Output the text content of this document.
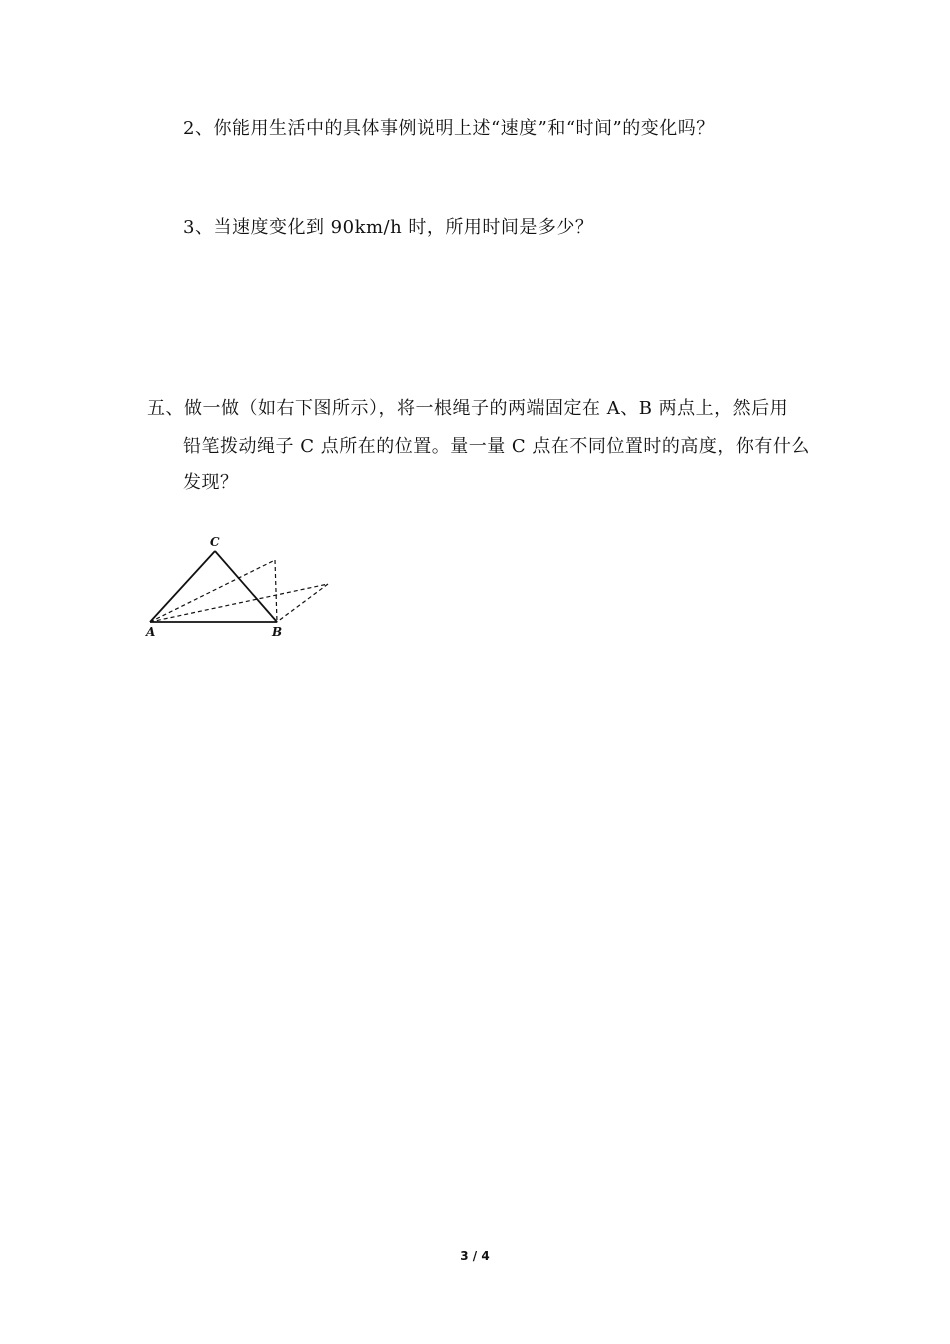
2、你能用生活中的具体事例说明上述“速度”和“时间”的变化吗？
3、当速度变化到 90km/h 时，所用时间是多少？
五、做一做（如右下图所示），将一根绳子的两端固定在 A、B 两点上，然后用
铅笔拨动绳子 C 点所在的位置。量一量 C 点在不同位置时的高度，你有什么
发现？
C
A	B
3 / 4
